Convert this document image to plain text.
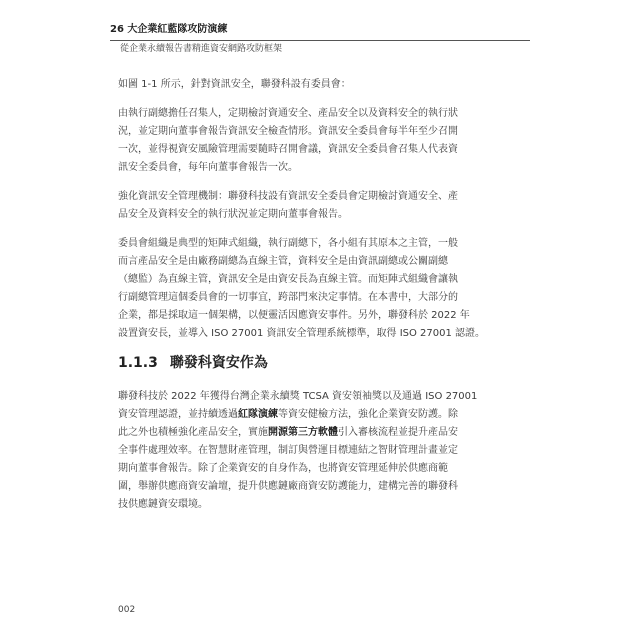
26 大企業紅藍隊攻防演練
從企業永續報告書精進資安網路攻防框架

如圖 1-1 所示，針對資訊安全，聯發科設有委員會：

由執行副總擔任召集人，定期檢討資通安全、產品安全以及資料安全的執行狀

況，並定期向董事會報告資訊安全檢查情形。資訊安全委員會每半年至少召開

一次，並得視資安風險管理需要隨時召開會議，資訊安全委員會召集人代表資

訊安全委員會，每年向董事會報告一次。

強化資訊安全管理機制：聯發科技設有資訊安全委員會定期檢討資通安全、產

品安全及資料安全的執行狀況並定期向董事會報告。

委員會組織是典型的矩陣式組織，執行副總下，各小組有其原本之主管，一般

而言產品安全是由廠務副總為直線主管，資料安全是由資訊副總或公關副總

（總監）為直線主管，資訊安全是由資安長為直線主管。而矩陣式組織會讓執

行副總管理這個委員會的一切事宜，跨部門來決定事情。在本書中，大部分的

企業，都是採取這一個架構，以便靈活因應資安事件。另外，聯發科於 2022 年

設置資安長，並導入 ISO 27001 資訊安全管理系統標準，取得 ISO 27001 認證。

1.1.3 聯發科資安作為

聯發科技於 2022 年獲得台灣企業永續獎 TCSA 資安領袖獎以及通過 ISO 27001

資安管理認證，並持續透過紅隊演練等資安健檢方法，強化企業資安防護。除

此之外也積極強化產品安全，實施開源第三方軟體引入審核流程並提升產品安

全事件處理效率。在智慧財產管理，制訂與營運目標連結之智財管理計畫並定

期向董事會報告。除了企業資安的自身作為，也將資安管理延伸於供應商範

圍，舉辦供應商資安論壇，提升供應鏈廠商資安防護能力，建構完善的聯發科

技供應鏈資安環境。

002
